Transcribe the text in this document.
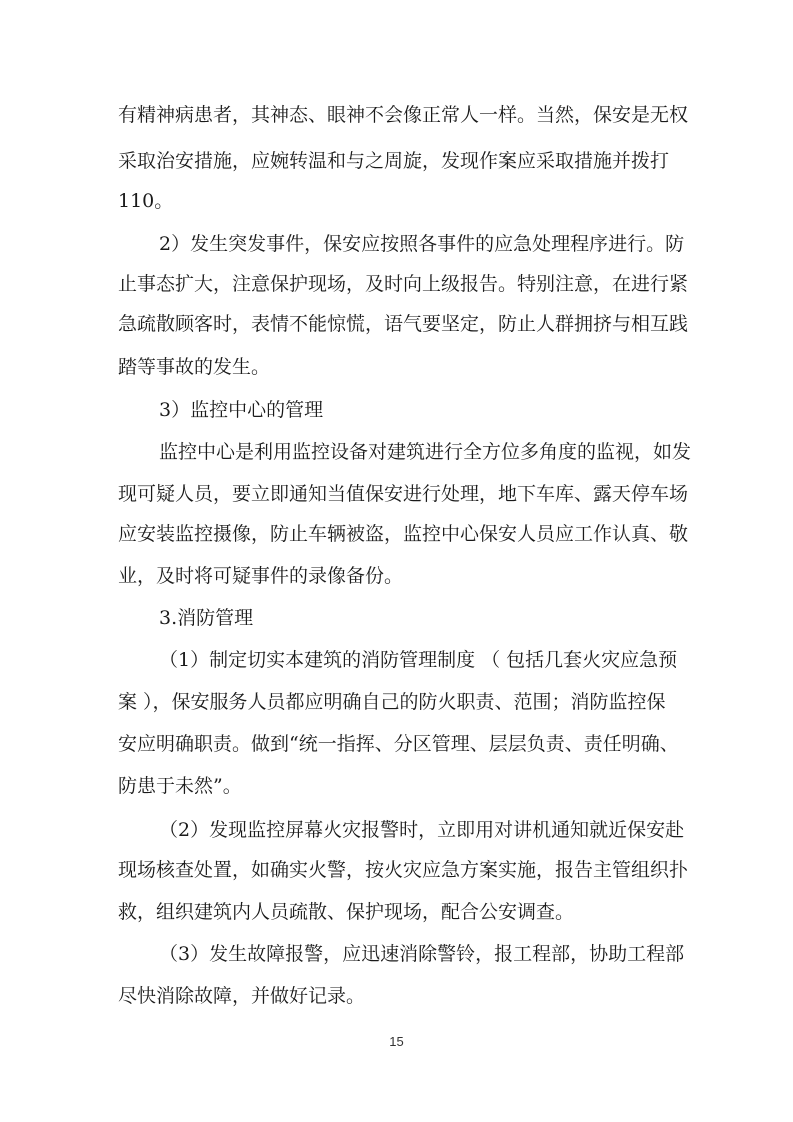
有精神病患者，其神态、眼神不会像正常人一样。当然，保安是无权
采取治安措施，应婉转温和与之周旋，发现作案应采取措施并拨打
110。
2）发生突发事件，保安应按照各事件的应急处理程序进行。防
止事态扩大，注意保护现场，及时向上级报告。特别注意，在进行紧
急疏散顾客时，表情不能惊慌，语气要坚定，防止人群拥挤与相互践
踏等事故的发生。
3）监控中心的管理
监控中心是利用监控设备对建筑进行全方位多角度的监视，如发
现可疑人员，要立即通知当值保安进行处理，地下车库、露天停车场
应安装监控摄像，防止车辆被盗，监控中心保安人员应工作认真、敬
业，及时将可疑事件的录像备份。
3.消防管理
（1）制定切实本建筑的消防管理制度 （ 包括几套火灾应急预
案 ），保安服务人员都应明确自己的防火职责、范围；消防监控保
安应明确职责。做到“统一指挥、分区管理、层层负责、责任明确、
防患于未然”。
（2）发现监控屏幕火灾报警时，立即用对讲机通知就近保安赴
现场核查处置，如确实火警，按火灾应急方案实施，报告主管组织扑
救，组织建筑内人员疏散、保护现场，配合公安调查。
（3）发生故障报警，应迅速消除警铃，报工程部，协助工程部
尽快消除故障，并做好记录。
15
